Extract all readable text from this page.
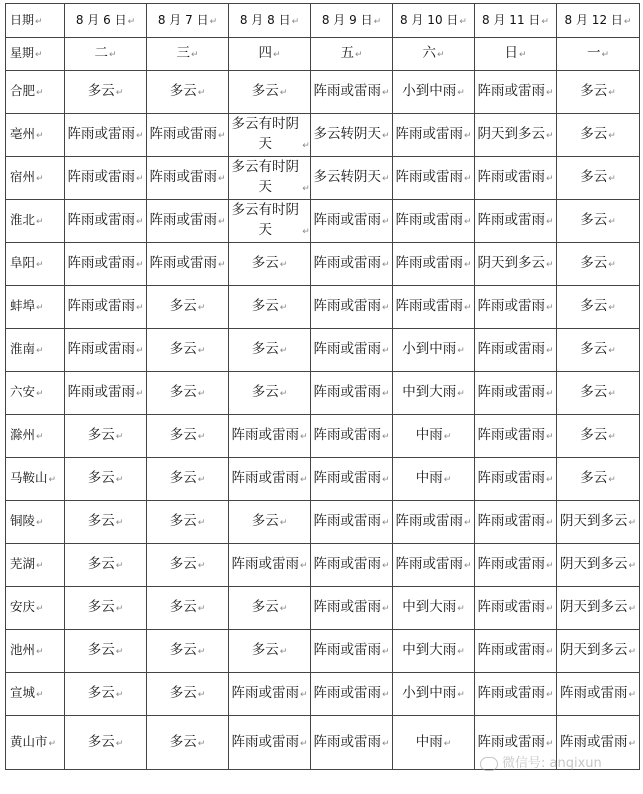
日期↵	8 月 6 日↵	8 月 7 日↵	8 月 8 日↵	8 月 9 日↵	8 月 10 日↵	8 月 11 日↵	8 月 12 日↵
星期↵	二↵	三↵	四↵	五↵	六↵	日↵	一↵
合肥↵	多云↵	多云↵	多云↵	阵雨或雷雨↵	小到中雨↵	阵雨或雷雨↵	多云↵
亳州↵	阵雨或雷雨↵	阵雨或雷雨↵	多云有时阴天 ↵	多云转阴天↵	阵雨或雷雨↵	阴天到多云↵	多云↵
宿州↵	阵雨或雷雨↵	阵雨或雷雨↵	多云有时阴天 ↵	多云转阴天↵	阵雨或雷雨↵	阵雨或雷雨↵	多云↵
淮北↵	阵雨或雷雨↵	阵雨或雷雨↵	多云有时阴天 ↵	阵雨或雷雨↵	阵雨或雷雨↵	阵雨或雷雨↵	多云↵
阜阳↵	阵雨或雷雨↵	阵雨或雷雨↵	多云↵	阵雨或雷雨↵	阵雨或雷雨↵	阴天到多云↵	多云↵
蚌埠↵	阵雨或雷雨↵	多云↵	多云↵	阵雨或雷雨↵	阵雨或雷雨↵	阵雨或雷雨↵	多云↵
淮南↵	阵雨或雷雨↵	多云↵	多云↵	阵雨或雷雨↵	小到中雨↵	阵雨或雷雨↵	多云↵
六安↵	阵雨或雷雨↵	多云↵	多云↵	阵雨或雷雨↵	中到大雨↵	阵雨或雷雨↵	多云↵
滁州↵	多云↵	多云↵	阵雨或雷雨↵	阵雨或雷雨↵	中雨↵	阵雨或雷雨↵	多云↵
马鞍山↵	多云↵	多云↵	阵雨或雷雨↵	阵雨或雷雨↵	中雨↵	阵雨或雷雨↵	多云↵
铜陵↵	多云↵	多云↵	多云↵	阵雨或雷雨↵	阵雨或雷雨↵	阵雨或雷雨↵	阴天到多云↵
芜湖↵	多云↵	多云↵	阵雨或雷雨↵	阵雨或雷雨↵	阵雨或雷雨↵	阵雨或雷雨↵	阴天到多云↵
安庆↵	多云↵	多云↵	多云↵	阵雨或雷雨↵	中到大雨↵	阵雨或雷雨↵	阴天到多云↵
池州↵	多云↵	多云↵	多云↵	阵雨或雷雨↵	中到大雨↵	阵雨或雷雨↵	阴天到多云↵
宣城↵	多云↵	多云↵	阵雨或雷雨↵	阵雨或雷雨↵	小到中雨↵	阵雨或雷雨↵	阵雨或雷雨↵
黄山市↵	多云↵	多云↵	阵雨或雷雨↵	阵雨或雷雨↵	中雨↵	阵雨或雷雨↵	阵雨或雷雨↵
微信号: anqixun
